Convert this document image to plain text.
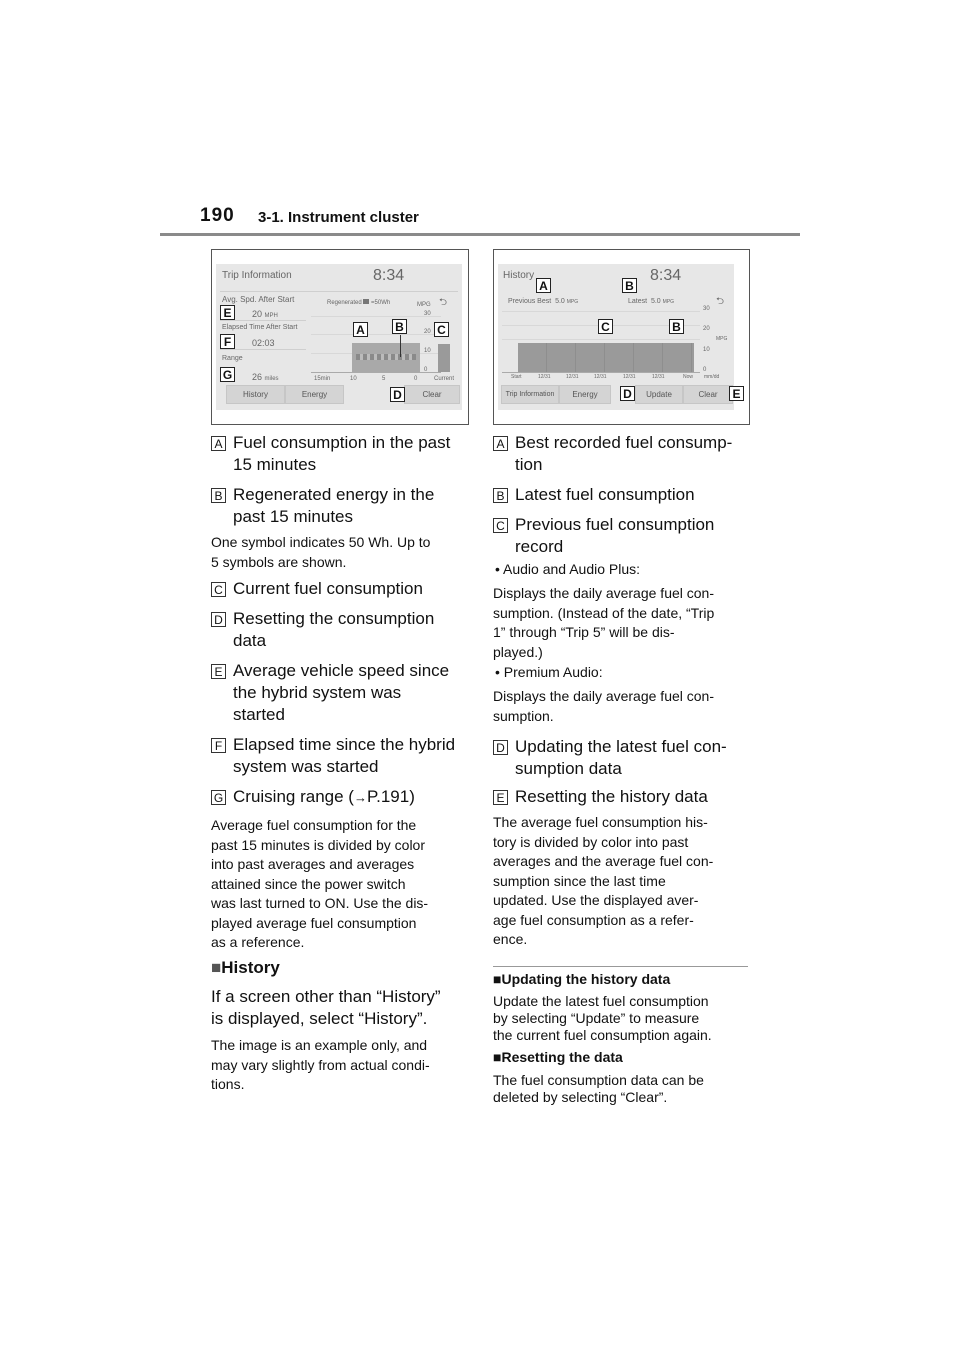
190 3-1. Instrument cluster
Trip Information	8:34
Avg. Spd. After Start
20 MPH
Elapsed Time After Start
02:03
Range
26 miles
Regenerated =50Wh	MPG ⮌
30
20
10
0
15min	10	5	0	Current
History	Energy	Clear
E
F
G
A	B	C
D
History	8:34
Previous Best 5.0 MPG	Latest 5.0 MPG	⮌
30
20
10
0
MPG
Start	12/31	12/31	12/31	12/31	12/31	Now mm/dd
Trip Information	Energy	Update	Clear
A	B
C	B
D	E
A Fuel consumption in the past
15 minutes
B Regenerated energy in the
past 15 minutes
One symbol indicates 50 Wh. Up to
5 symbols are shown.
C Current fuel consumption
D Resetting the consumption
data
E Average vehicle speed since
the hybrid system was
started
F Elapsed time since the hybrid
system was started
G Cruising range (→P.191)
Average fuel consumption for the
past 15 minutes is divided by color
into past averages and averages
attained since the power switch
was last turned to ON. Use the dis-
played average fuel consumption
as a reference.
■History
If a screen other than “History”
is displayed, select “History”.
The image is an example only, and
may vary slightly from actual condi-
tions.
A Best recorded fuel consump-
tion
B Latest fuel consumption
C Previous fuel consumption
record
• Audio and Audio Plus:
Displays the daily average fuel con-
sumption. (Instead of the date, “Trip
1” through “Trip 5” will be dis-
played.)
• Premium Audio:
Displays the daily average fuel con-
sumption.
D Updating the latest fuel con-
sumption data
E Resetting the history data
The average fuel consumption his-
tory is divided by color into past
averages and the average fuel con-
sumption since the last time
updated. Use the displayed aver-
age fuel consumption as a refer-
ence.
■Updating the history data
Update the latest fuel consumption
by selecting “Update” to measure
the current fuel consumption again.
■Resetting the data
The fuel consumption data can be
deleted by selecting “Clear”.
